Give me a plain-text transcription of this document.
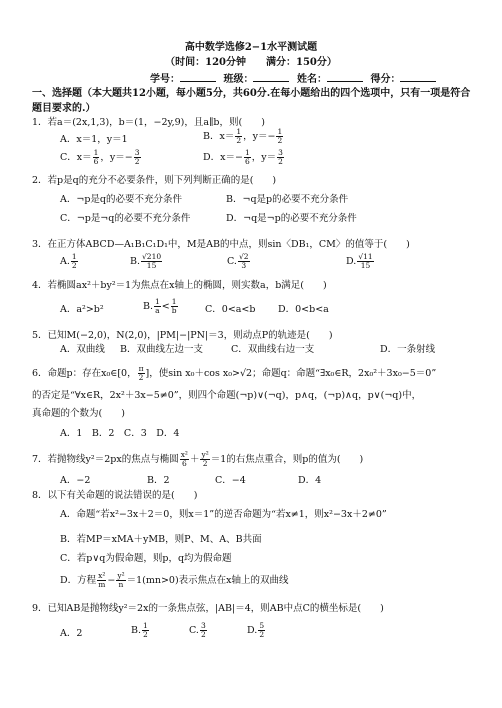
高中数学选修2−1水平测试题
（时间：120分钟　　满分：150分）
学号：	班级：	姓名：	得分：
一、选择题（本大题共12小题，每小题5分，共60分.在每小题给出的四个选项中，只有一项是符合题目要求的.）
1．若a＝(2x,1,3)，b＝(1，−2y,9)，且a∥b，则(　　)
A．x＝1，y＝1	B．$x= \frac{1}{2}$ ，$y=- \frac{1}{2}$
C．$x= \frac{1}{6}$ ，$y=- \frac{3}{2}$	D．$x=- \frac{1}{6}$ ，$y= \frac{3}{2}$
2．若p是q的充分不必要条件，则下列判断正确的是(　　)
A．¬p是q的必要不充分条件	B．¬q是p的必要不充分条件
C．¬p是¬q的必要不充分条件	D．¬q是¬p的必要不充分条件
3．在正方体ABCD—A₁B₁C₁D₁中，M是AB的中点，则sin〈DB₁，CM〉的值等于(　　)
A. $\frac{1}{2}$	B. $\frac{√210}{15}$	C. $\frac{√2}{3}$	D. $\frac{√11}{15}$
4．若椭圆ax²＋by²＝1为焦点在x轴上的椭圆，则实数a，b满足(　　)
A．a²>b²	B. $\frac{1}{a} < \frac{1}{b}$	C．0<a<b D．0<b<a
5．已知M(−2,0)，N(2,0)，|PM|−|PN|＝3，则动点P的轨迹是(　　)
A．双曲线 B．双曲线左边一支	C．双曲线右边一支	D．一条射线
6．命题p：存在x₀∈[0， $\frac{\pi}{2}$ ]，使sin x₀＋cos x₀>√2；命题q：命题“∃x₀∈R，2x₀²＋3x₀−5＝0”
的否定是“∀x∈R，2x²＋3x−5≠0”，则四个命题(¬p)∨(¬q)，p∧q，(¬p)∧q，p∨(¬q)中，
真命题的个数为(　　)
A．1　B．2　C．3　D．4
7．若抛物线y²＝2px的焦点与椭圆 $\frac{\text{x²}}{6} + \frac{\text{y²}}{2} =1$的右焦点重合，则p的值为(　　)
A．−2	B．2	C．−4	D．4
8．以下有关命题的说法错误的是(　　)
A．命题“若x²−3x＋2＝0，则x＝1”的逆否命题为“若x≠1，则x²−3x＋2≠0”
B．若MP＝xMA＋yMB，则P、M、A、B共面
C．若p∨q为假命题，则p，q均为假命题
D．方程 $\frac{\text{x²}}{m} - \frac{\text{y²}}{n} =1(mn>0)$表示焦点在x轴上的双曲线
9．已知AB是抛物线y²＝2x的一条焦点弦，|AB|＝4，则AB中点C的横坐标是(　　)
A．2	B. $\frac{1}{2}$	C. $\frac{3}{2}$	D. $\frac{5}{2}$
